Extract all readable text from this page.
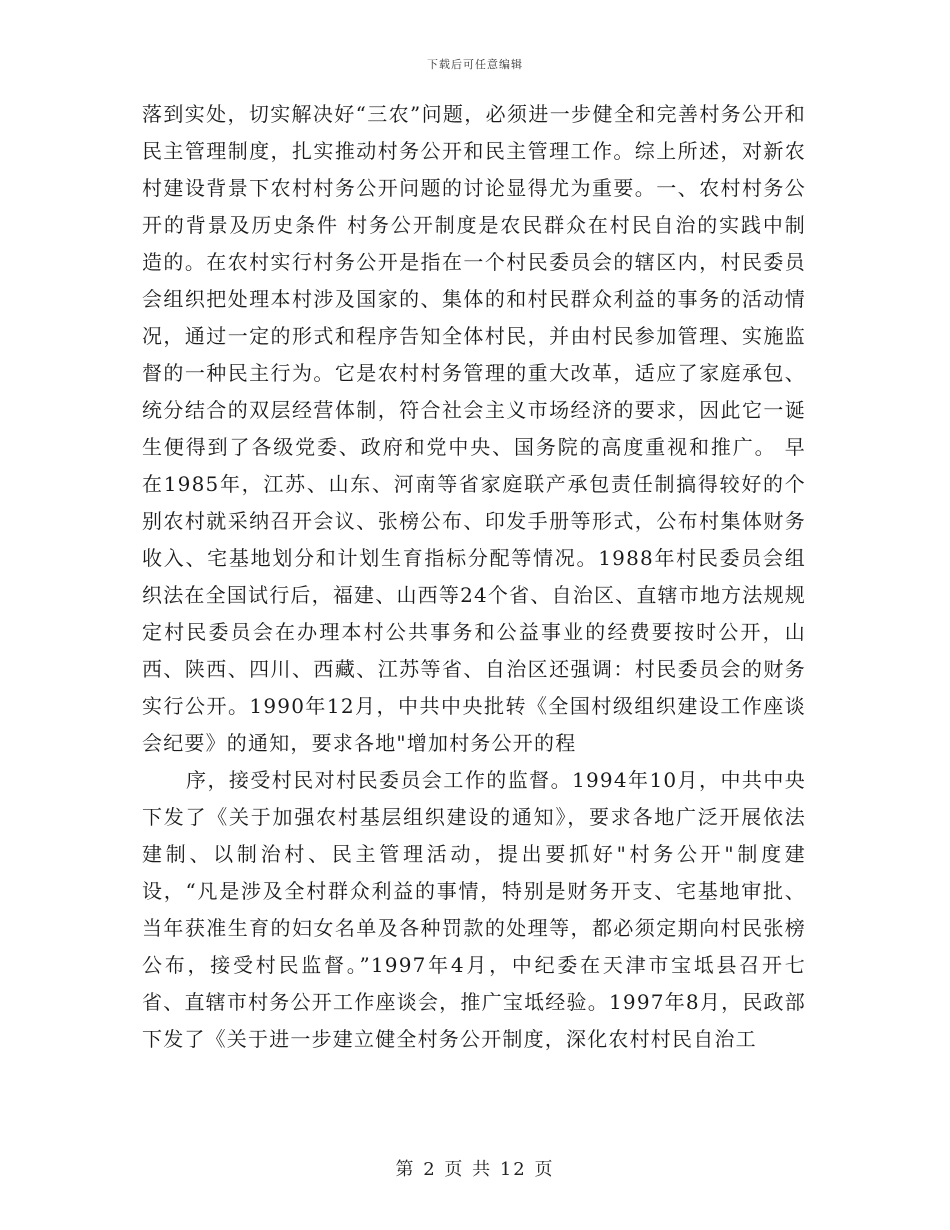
下载后可任意编辑

落到实处，切实解决好“三农”问题，必须进一步健全和完善村务公开和民主管理制度，扎实推动村务公开和民主管理工作。综上所述，对新农村建设背景下农村村务公开问题的讨论显得尤为重要。一、农村村务公开的背景及历史条件 村务公开制度是农民群众在村民自治的实践中制造的。在农村实行村务公开是指在一个村民委员会的辖区内，村民委员会组织把处理本村涉及国家的、集体的和村民群众利益的事务的活动情况，通过一定的形式和程序告知全体村民，并由村民参加管理、实施监督的一种民主行为。它是农村村务管理的重大改革，适应了家庭承包、统分结合的双层经营体制，符合社会主义市场经济的要求，因此它一诞生便得到了各级党委、政府和党中央、国务院的高度重视和推广。 早在1985年，江苏、山东、河南等省家庭联产承包责任制搞得较好的个别农村就采纳召开会议、张榜公布、印发手册等形式，公布村集体财务收入、宅基地划分和计划生育指标分配等情况。1988年村民委员会组织法在全国试行后，福建、山西等24个省、自治区、直辖市地方法规规定村民委员会在办理本村公共事务和公益事业的经费要按时公开，山西、陕西、四川、西藏、江苏等省、自治区还强调：村民委员会的财务实行公开。1990年12月，中共中央批转《全国村级组织建设工作座谈会纪要》的通知，要求各地"增加村务公开的程

序，接受村民对村民委员会工作的监督。1994年10月，中共中央下发了《关于加强农村基层组织建设的通知》，要求各地广泛开展依法建制、以制治村、民主管理活动，提出要抓好"村务公开"制度建设，“凡是涉及全村群众利益的事情，特别是财务开支、宅基地审批、当年获准生育的妇女名单及各种罚款的处理等，都必须定期向村民张榜公布，接受村民监督。”1997年4月，中纪委在天津市宝坻县召开七省、直辖市村务公开工作座谈会，推广宝坻经验。1997年8月，民政部下发了《关于进一步建立健全村务公开制度，深化农村村民自治工

第 2 页 共 12 页
